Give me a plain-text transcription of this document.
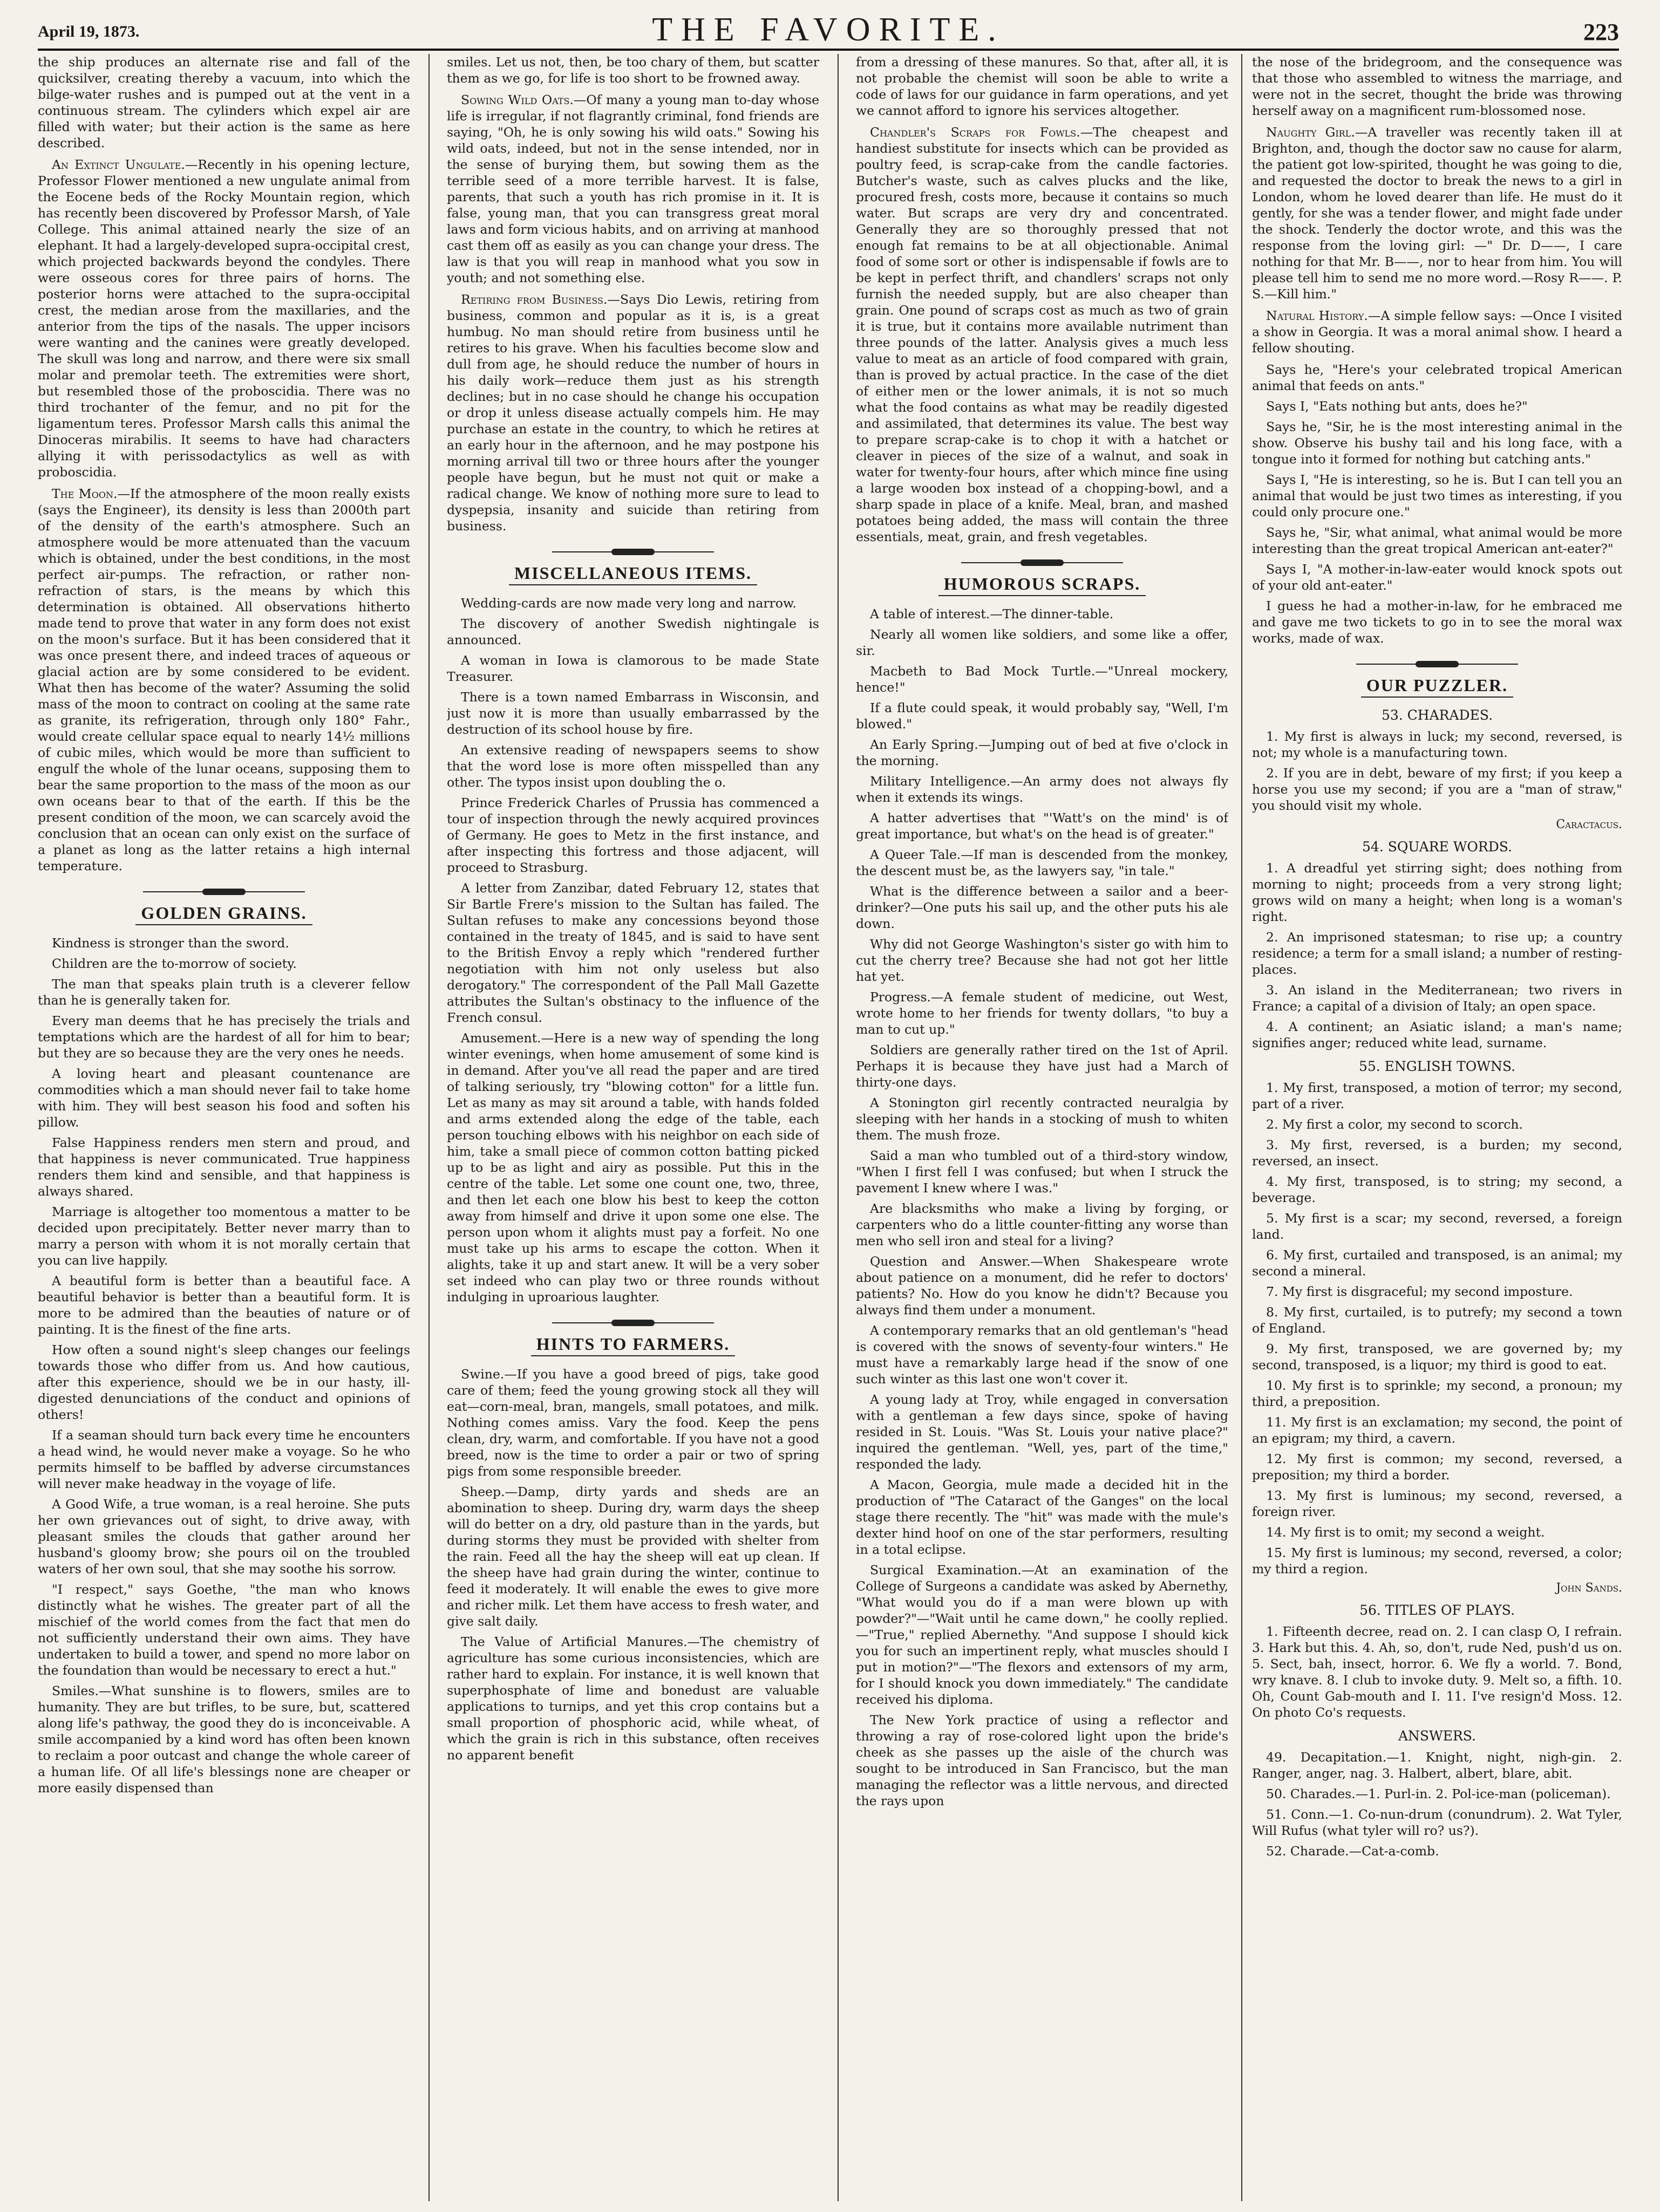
April 19, 1873.	THE FAVORITE.	223

the ship produces an alternate rise and fall of the quicksilver, creating thereby a vacuum, into which the bilge-water rushes and is pumped out at the vent in a continuous stream. The cylinders which expel air are filled with water; but their action is the same as here described.

An Extinct Ungulate.—Recently in his opening lecture, Professor Flower mentioned a new ungulate animal from the Eocene beds of the Rocky Mountain region, which has recently been discovered by Professor Marsh, of Yale College. This animal attained nearly the size of an elephant. It had a largely-developed supra-occipital crest, which projected backwards beyond the condyles. There were osseous cores for three pairs of horns. The posterior horns were attached to the supra-occipital crest, the median arose from the maxillaries, and the anterior from the tips of the nasals. The upper incisors were wanting and the canines were greatly developed. The skull was long and narrow, and there were six small molar and premolar teeth. The extremities were short, but resembled those of the proboscidia. There was no third trochanter of the femur, and no pit for the ligamentum teres. Professor Marsh calls this animal the Dinoceras mirabilis. It seems to have had characters allying it with perissodactylics as well as with proboscidia.

The Moon.—If the atmosphere of the moon really exists (says the Engineer), its density is less than 2000th part of the density of the earth's atmosphere. Such an atmosphere would be more attenuated than the vacuum which is obtained, under the best conditions, in the most perfect air-pumps. The refraction, or rather non-refraction of stars, is the means by which this determination is obtained. All observations hitherto made tend to prove that water in any form does not exist on the moon's surface. But it has been considered that it was once present there, and indeed traces of aqueous or glacial action are by some considered to be evident. What then has become of the water? Assuming the solid mass of the moon to contract on cooling at the same rate as granite, its refrigeration, through only 180° Fahr., would create cellular space equal to nearly 14½ millions of cubic miles, which would be more than sufficient to engulf the whole of the lunar oceans, supposing them to bear the same proportion to the mass of the moon as our own oceans bear to that of the earth. If this be the present condition of the moon, we can scarcely avoid the conclusion that an ocean can only exist on the surface of a planet as long as the latter retains a high internal temperature.

GOLDEN GRAINS.

Kindness is stronger than the sword.

Children are the to-morrow of society.

The man that speaks plain truth is a cleverer fellow than he is generally taken for.

Every man deems that he has precisely the trials and temptations which are the hardest of all for him to bear; but they are so because they are the very ones he needs.

A loving heart and pleasant countenance are commodities which a man should never fail to take home with him. They will best season his food and soften his pillow.

False Happiness renders men stern and proud, and that happiness is never communicated. True happiness renders them kind and sensible, and that happiness is always shared.

Marriage is altogether too momentous a matter to be decided upon precipitately. Better never marry than to marry a person with whom it is not morally certain that you can live happily.

A beautiful form is better than a beautiful face. A beautiful behavior is better than a beautiful form. It is more to be admired than the beauties of nature or of painting. It is the finest of the fine arts.

How often a sound night's sleep changes our feelings towards those who differ from us. And how cautious, after this experience, should we be in our hasty, ill-digested denunciations of the conduct and opinions of others!

If a seaman should turn back every time he encounters a head wind, he would never make a voyage. So he who permits himself to be baffled by adverse circumstances will never make headway in the voyage of life.

A Good Wife, a true woman, is a real heroine. She puts her own grievances out of sight, to drive away, with pleasant smiles the clouds that gather around her husband's gloomy brow; she pours oil on the troubled waters of her own soul, that she may soothe his sorrow.

"I respect," says Goethe, "the man who knows distinctly what he wishes. The greater part of all the mischief of the world comes from the fact that men do not sufficiently understand their own aims. They have undertaken to build a tower, and spend no more labor on the foundation than would be necessary to erect a hut."

Smiles.—What sunshine is to flowers, smiles are to humanity. They are but trifles, to be sure, but, scattered along life's pathway, the good they do is inconceivable. A smile accompanied by a kind word has often been known to reclaim a poor outcast and change the whole career of a human life. Of all life's blessings none are cheaper or more easily dispensed than

smiles. Let us not, then, be too chary of them, but scatter them as we go, for life is too short to be frowned away.

Sowing Wild Oats.—Of many a young man to-day whose life is irregular, if not flagrantly criminal, fond friends are saying, "Oh, he is only sowing his wild oats." Sowing his wild oats, indeed, but not in the sense intended, nor in the sense of burying them, but sowing them as the terrible seed of a more terrible harvest. It is false, parents, that such a youth has rich promise in it. It is false, young man, that you can transgress great moral laws and form vicious habits, and on arriving at manhood cast them off as easily as you can change your dress. The law is that you will reap in manhood what you sow in youth; and not something else.

Retiring from Business.—Says Dio Lewis, retiring from business, common and popular as it is, is a great humbug. No man should retire from business until he retires to his grave. When his faculties become slow and dull from age, he should reduce the number of hours in his daily work—reduce them just as his strength declines; but in no case should he change his occupation or drop it unless disease actually compels him. He may purchase an estate in the country, to which he retires at an early hour in the afternoon, and he may postpone his morning arrival till two or three hours after the younger people have begun, but he must not quit or make a radical change. We know of nothing more sure to lead to dyspepsia, insanity and suicide than retiring from business.

MISCELLANEOUS ITEMS.

Wedding-cards are now made very long and narrow.

The discovery of another Swedish nightingale is announced.

A woman in Iowa is clamorous to be made State Treasurer.

There is a town named Embarrass in Wisconsin, and just now it is more than usually embarrassed by the destruction of its school house by fire.

An extensive reading of newspapers seems to show that the word lose is more often misspelled than any other. The typos insist upon doubling the o.

Prince Frederick Charles of Prussia has commenced a tour of inspection through the newly acquired provinces of Germany. He goes to Metz in the first instance, and after inspecting this fortress and those adjacent, will proceed to Strasburg.

A letter from Zanzibar, dated February 12, states that Sir Bartle Frere's mission to the Sultan has failed. The Sultan refuses to make any concessions beyond those contained in the treaty of 1845, and is said to have sent to the British Envoy a reply which "rendered further negotiation with him not only useless but also derogatory." The correspondent of the Pall Mall Gazette attributes the Sultan's obstinacy to the influence of the French consul.

Amusement.—Here is a new way of spending the long winter evenings, when home amusement of some kind is in demand. After you've all read the paper and are tired of talking seriously, try "blowing cotton" for a little fun. Let as many as may sit around a table, with hands folded and arms extended along the edge of the table, each person touching elbows with his neighbor on each side of him, take a small piece of common cotton batting picked up to be as light and airy as possible. Put this in the centre of the table. Let some one count one, two, three, and then let each one blow his best to keep the cotton away from himself and drive it upon some one else. The person upon whom it alights must pay a forfeit. No one must take up his arms to escape the cotton. When it alights, take it up and start anew. It will be a very sober set indeed who can play two or three rounds without indulging in uproarious laughter.

HINTS TO FARMERS.

Swine.—If you have a good breed of pigs, take good care of them; feed the young growing stock all they will eat—corn-meal, bran, mangels, small potatoes, and milk. Nothing comes amiss. Vary the food. Keep the pens clean, dry, warm, and comfortable. If you have not a good breed, now is the time to order a pair or two of spring pigs from some responsible breeder.

Sheep.—Damp, dirty yards and sheds are an abomination to sheep. During dry, warm days the sheep will do better on a dry, old pasture than in the yards, but during storms they must be provided with shelter from the rain. Feed all the hay the sheep will eat up clean. If the sheep have had grain during the winter, continue to feed it moderately. It will enable the ewes to give more and richer milk. Let them have access to fresh water, and give salt daily.

The Value of Artificial Manures.—The chemistry of agriculture has some curious inconsistencies, which are rather hard to explain. For instance, it is well known that superphosphate of lime and bonedust are valuable applications to turnips, and yet this crop contains but a small proportion of phosphoric acid, while wheat, of which the grain is rich in this substance, often receives no apparent benefit

from a dressing of these manures. So that, after all, it is not probable the chemist will soon be able to write a code of laws for our guidance in farm operations, and yet we cannot afford to ignore his services altogether.

Chandler's Scraps for Fowls.—The cheapest and handiest substitute for insects which can be provided as poultry feed, is scrap-cake from the candle factories. Butcher's waste, such as calves plucks and the like, procured fresh, costs more, because it contains so much water. But scraps are very dry and concentrated. Generally they are so thoroughly pressed that not enough fat remains to be at all objectionable. Animal food of some sort or other is indispensable if fowls are to be kept in perfect thrift, and chandlers' scraps not only furnish the needed supply, but are also cheaper than grain. One pound of scraps cost as much as two of grain it is true, but it contains more available nutriment than three pounds of the latter. Analysis gives a much less value to meat as an article of food compared with grain, than is proved by actual practice. In the case of the diet of either men or the lower animals, it is not so much what the food contains as what may be readily digested and assimilated, that determines its value. The best way to prepare scrap-cake is to chop it with a hatchet or cleaver in pieces of the size of a walnut, and soak in water for twenty-four hours, after which mince fine using a large wooden box instead of a chopping-bowl, and a sharp spade in place of a knife. Meal, bran, and mashed potatoes being added, the mass will contain the three essentials, meat, grain, and fresh vegetables.

HUMOROUS SCRAPS.

A table of interest.—The dinner-table.

Nearly all women like soldiers, and some like a offer, sir.

Macbeth to Bad Mock Turtle.—"Unreal mockery, hence!"

If a flute could speak, it would probably say, "Well, I'm blowed."

An Early Spring.—Jumping out of bed at five o'clock in the morning.

Military Intelligence.—An army does not always fly when it extends its wings.

A hatter advertises that "'Watt's on the mind' is of great importance, but what's on the head is of greater."

A Queer Tale.—If man is descended from the monkey, the descent must be, as the lawyers say, "in tale."

What is the difference between a sailor and a beer-drinker?—One puts his sail up, and the other puts his ale down.

Why did not George Washington's sister go with him to cut the cherry tree? Because she had not got her little hat yet.

Progress.—A female student of medicine, out West, wrote home to her friends for twenty dollars, "to buy a man to cut up."

Soldiers are generally rather tired on the 1st of April. Perhaps it is because they have just had a March of thirty-one days.

A Stonington girl recently contracted neuralgia by sleeping with her hands in a stocking of mush to whiten them. The mush froze.

Said a man who tumbled out of a third-story window, "When I first fell I was confused; but when I struck the pavement I knew where I was."

Are blacksmiths who make a living by forging, or carpenters who do a little counter-fitting any worse than men who sell iron and steal for a living?

Question and Answer.—When Shakespeare wrote about patience on a monument, did he refer to doctors' patients? No. How do you know he didn't? Because you always find them under a monument.

A contemporary remarks that an old gentleman's "head is covered with the snows of seventy-four winters." He must have a remarkably large head if the snow of one such winter as this last one won't cover it.

A young lady at Troy, while engaged in conversation with a gentleman a few days since, spoke of having resided in St. Louis. "Was St. Louis your native place?" inquired the gentleman. "Well, yes, part of the time," responded the lady.

A Macon, Georgia, mule made a decided hit in the production of "The Cataract of the Ganges" on the local stage there recently. The "hit" was made with the mule's dexter hind hoof on one of the star performers, resulting in a total eclipse.

Surgical Examination.—At an examination of the College of Surgeons a candidate was asked by Abernethy, "What would you do if a man were blown up with powder?"—"Wait until he came down," he coolly replied.—"True," replied Abernethy. "And suppose I should kick you for such an impertinent reply, what muscles should I put in motion?"—"The flexors and extensors of my arm, for I should knock you down immediately." The candidate received his diploma.

The New York practice of using a reflector and throwing a ray of rose-colored light upon the bride's cheek as she passes up the aisle of the church was sought to be introduced in San Francisco, but the man managing the reflector was a little nervous, and directed the rays upon

the nose of the bridegroom, and the consequence was that those who assembled to witness the marriage, and were not in the secret, thought the bride was throwing herself away on a magnificent rum-blossomed nose.

Naughty Girl.—A traveller was recently taken ill at Brighton, and, though the doctor saw no cause for alarm, the patient got low-spirited, thought he was going to die, and requested the doctor to break the news to a girl in London, whom he loved dearer than life. He must do it gently, for she was a tender flower, and might fade under the shock. Tenderly the doctor wrote, and this was the response from the loving girl: —" Dr. D——, I care nothing for that Mr. B——, nor to hear from him. You will please tell him to send me no more word.—Rosy R——. P. S.—Kill him."

Natural History.—A simple fellow says: —Once I visited a show in Georgia. It was a moral animal show. I heard a fellow shouting.

Says he, "Here's your celebrated tropical American animal that feeds on ants."

Says I, "Eats nothing but ants, does he?"

Says he, "Sir, he is the most interesting animal in the show. Observe his bushy tail and his long face, with a tongue into it formed for nothing but catching ants."

Says I, "He is interesting, so he is. But I can tell you an animal that would be just two times as interesting, if you could only procure one."

Says he, "Sir, what animal, what animal would be more interesting than the great tropical American ant-eater?"

Says I, "A mother-in-law-eater would knock spots out of your old ant-eater."

I guess he had a mother-in-law, for he embraced me and gave me two tickets to go in to see the moral wax works, made of wax.

OUR PUZZLER.
53. CHARADES.

1. My first is always in luck; my second, reversed, is not; my whole is a manufacturing town.

2. If you are in debt, beware of my first; if you keep a horse you use my second; if you are a "man of straw," you should visit my whole.

Caractacus.
54. SQUARE WORDS.

1. A dreadful yet stirring sight; does nothing from morning to night; proceeds from a very strong light; grows wild on many a height; when long is a woman's right.

2. An imprisoned statesman; to rise up; a country residence; a term for a small island; a number of resting-places.

3. An island in the Mediterranean; two rivers in France; a capital of a division of Italy; an open space.

4. A continent; an Asiatic island; a man's name; signifies anger; reduced white lead, surname.

55. ENGLISH TOWNS.

1. My first, transposed, a motion of terror; my second, part of a river.

2. My first a color, my second to scorch.

3. My first, reversed, is a burden; my second, reversed, an insect.

4. My first, transposed, is to string; my second, a beverage.

5. My first is a scar; my second, reversed, a foreign land.

6. My first, curtailed and transposed, is an animal; my second a mineral.

7. My first is disgraceful; my second imposture.

8. My first, curtailed, is to putrefy; my second a town of England.

9. My first, transposed, we are governed by; my second, transposed, is a liquor; my third is good to eat.

10. My first is to sprinkle; my second, a pronoun; my third, a preposition.

11. My first is an exclamation; my second, the point of an epigram; my third, a cavern.

12. My first is common; my second, reversed, a preposition; my third a border.

13. My first is luminous; my second, reversed, a foreign river.

14. My first is to omit; my second a weight.

15. My first is luminous; my second, reversed, a color; my third a region.

John Sands.
56. TITLES OF PLAYS.

1. Fifteenth decree, read on. 2. I can clasp O, I refrain. 3. Hark but this. 4. Ah, so, don't, rude Ned, push'd us on. 5. Sect, bah, insect, horror. 6. We fly a world. 7. Bond, wry knave. 8. I club to invoke duty. 9. Melt so, a fifth. 10. Oh, Count Gab-mouth and I. 11. I've resign'd Moss. 12. On photo Co's requests.

ANSWERS.

49. Decapitation.—1. Knight, night, nigh-gin. 2. Ranger, anger, nag. 3. Halbert, albert, blare, abit.

50. Charades.—1. Purl-in. 2. Pol-ice-man (policeman).

51. Conn.—1. Co-nun-drum (conundrum). 2. Wat Tyler, Will Rufus (what tyler will ro? us?).

52. Charade.—Cat-a-comb.
